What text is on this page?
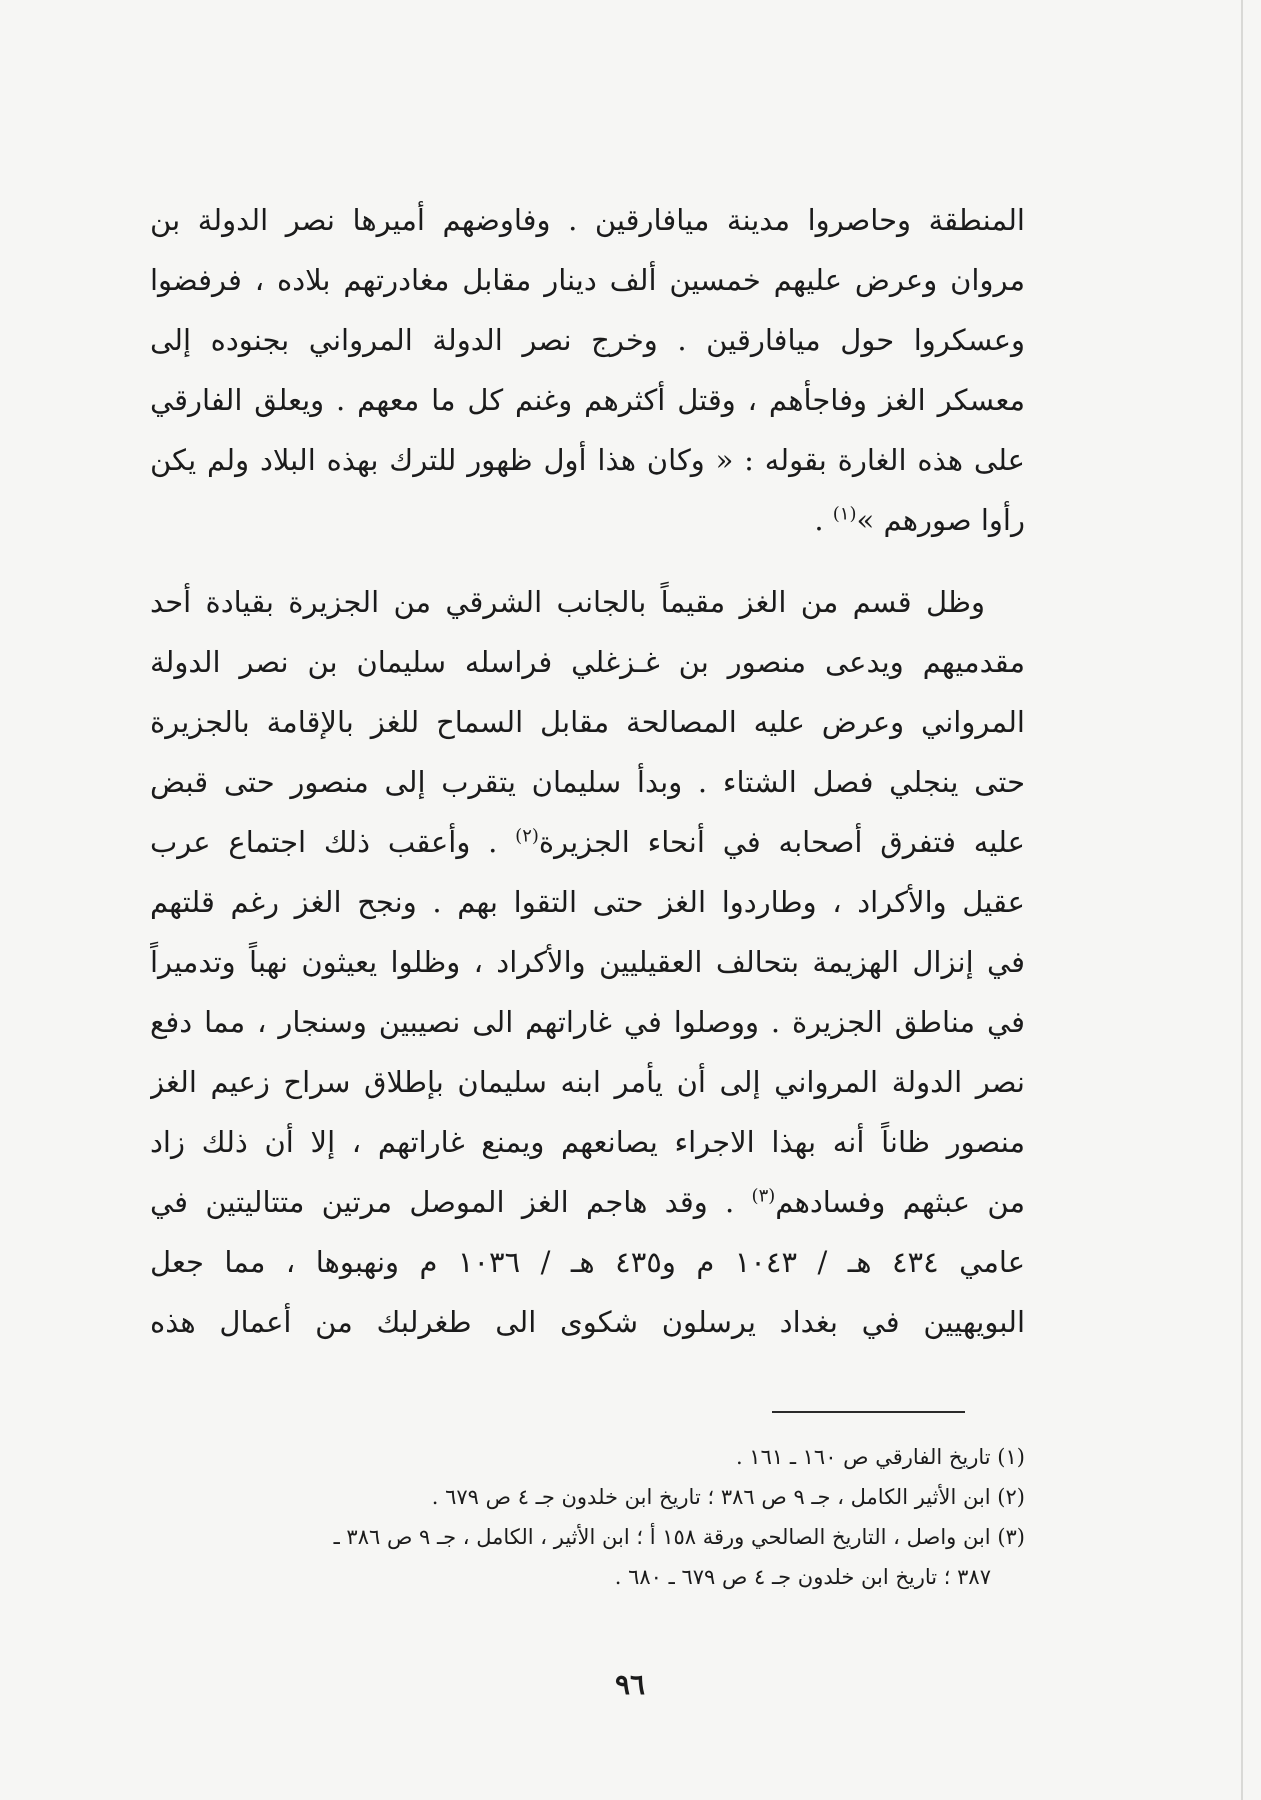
المنطقة وحاصروا مدينة ميافارقين . وفاوضهم أميرها نصر الدولة بن
مروان وعرض عليهم خمسين ألف دينار مقابل مغادرتهم بلاده ، فرفضوا
وعسكروا حول ميافارقين . وخرج نصر الدولة المرواني بجنوده إلى
معسكر الغز وفاجأهم ، وقتل أكثرهم وغنم كل ما معهم . ويعلق الفارقي
على هذه الغارة بقوله : « وكان هذا أول ظهور للترك بهذه البلاد ولم يكن
رأوا صورهم »$^{(١)}$ .
وظل قسم من الغز مقيماً بالجانب الشرقي من الجزيرة بقيادة أحد
مقدميهم ويدعى منصور بن غـزغلي فراسله سليمان بن نصر الدولة
المرواني وعرض عليه المصالحة مقابل السماح للغز بالإقامة بالجزيرة
حتى ينجلي فصل الشتاء . وبدأ سليمان يتقرب إلى منصور حتى قبض
عليه فتفرق أصحابه في أنحاء الجزيرة$^{(٢)}$ . وأعقب ذلك اجتماع عرب
عقيل والأكراد ، وطاردوا الغز حتى التقوا بهم . ونجح الغز رغم قلتهم
في إنزال الهزيمة بتحالف العقيليين والأكراد ، وظلوا يعيثون نهباً وتدميراً
في مناطق الجزيرة . ووصلوا في غاراتهم الى نصيبين وسنجار ، مما دفع
نصر الدولة المرواني إلى أن يأمر ابنه سليمان بإطلاق سراح زعيم الغز
منصور ظاناً أنه بهذا الاجراء يصانعهم ويمنع غاراتهم ، إلا أن ذلك زاد
من عبثهم وفسادهم$^{(٣)}$ . وقد هاجم الغز الموصل مرتين متتاليتين في
عامي ٤٣٤ هـ / ١٠٤٣ م و٤٣٥ هـ / ١٠٣٦ م ونهبوها ، مما جعل
البويهيين في بغداد يرسلون شكوى الى طغرلبك من أعمال هذه
(١) تاريخ الفارقي ص ١٦٠ ـ ١٦١ .
(٢) ابن الأثير الكامل ، جـ ٩ ص ٣٨٦ ؛ تاريخ ابن خلدون جـ ٤ ص ٦٧٩ .
(٣) ابن واصل ، التاريخ الصالحي ورقة ١٥٨ أ ؛ ابن الأثير ، الكامل ، جـ ٩ ص ٣٨٦ ـ
٣٨٧ ؛ تاريخ ابن خلدون جـ ٤ ص ٦٧٩ ـ ٦٨٠ .
٩٦
